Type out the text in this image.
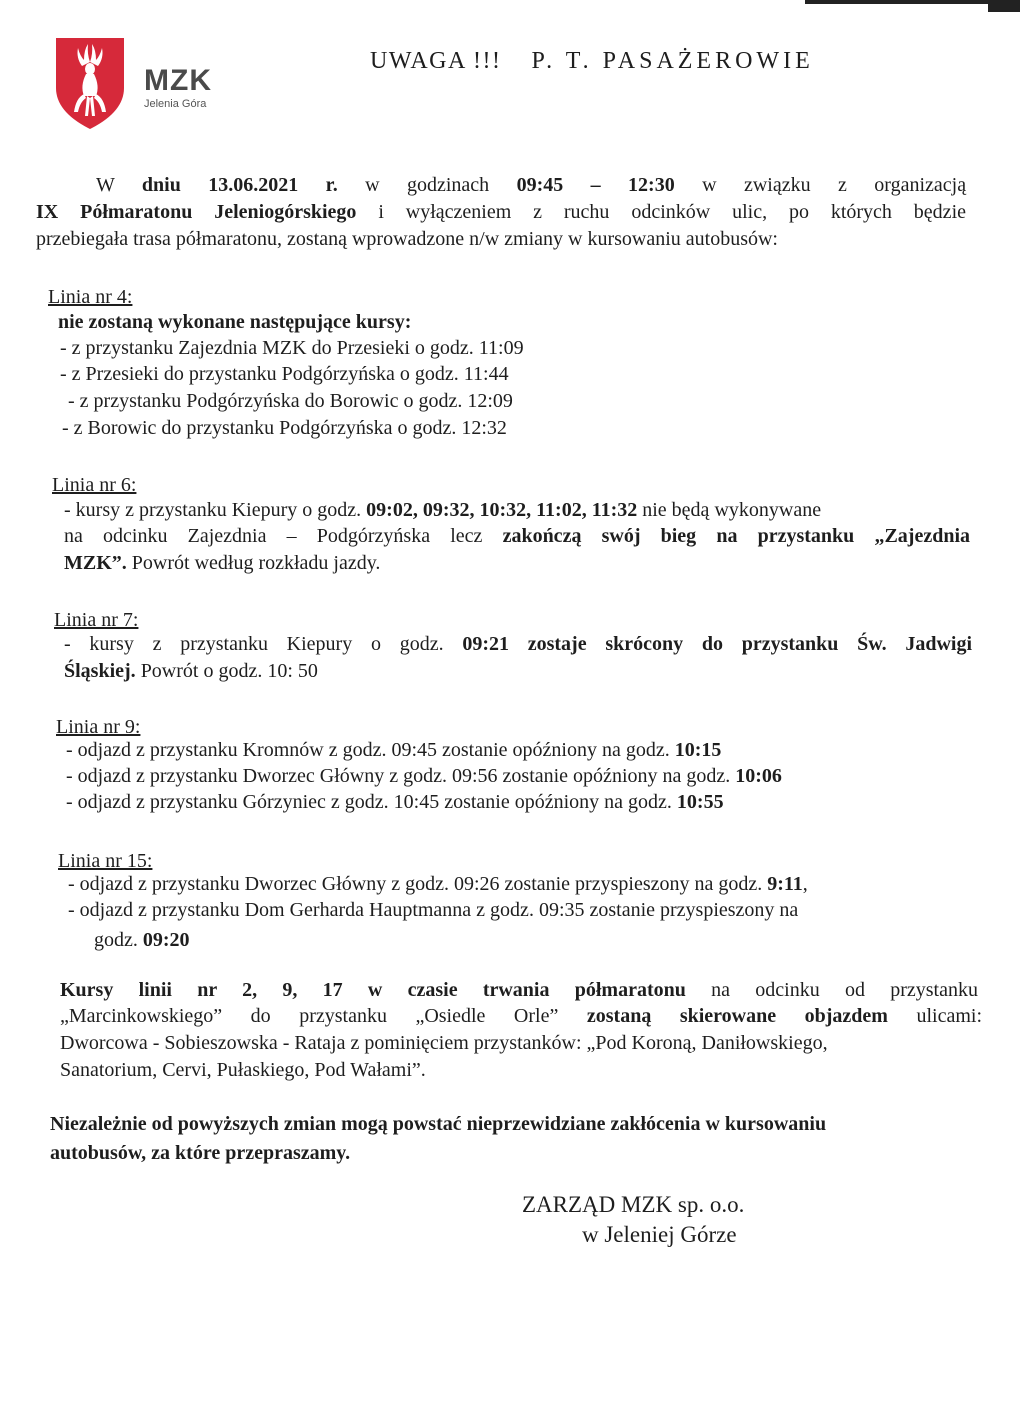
MZK
Jelenia Góra
UWAGA !!! P. T. PASAŻEROWIE
W dniu 13.06.2021 r. w godzinach 09:45 – 12:30 w związku z organizacją
IX Półmaratonu Jeleniogórskiego i wyłączeniem z ruchu odcinków ulic, po których będzie
przebiegała trasa półmaratonu, zostaną wprowadzone n/w zmiany w kursowaniu autobusów:
Linia nr 4:
nie zostaną wykonane następujące kursy:
- z przystanku Zajezdnia MZK do Przesieki o godz. 11:09
- z Przesieki do przystanku Podgórzyńska o godz. 11:44
- z przystanku Podgórzyńska do Borowic o godz. 12:09
- z Borowic do przystanku Podgórzyńska o godz. 12:32
Linia nr 6:
- kursy z przystanku Kiepury o godz. 09:02, 09:32, 10:32, 11:02, 11:32 nie będą wykonywane
na odcinku Zajezdnia – Podgórzyńska lecz zakończą swój bieg na przystanku „Zajezdnia
MZK”. Powrót według rozkładu jazdy.
Linia nr 7:
- kursy z przystanku Kiepury o godz. 09:21 zostaje skrócony do przystanku Św. Jadwigi
Śląskiej. Powrót o godz. 10: 50
Linia nr 9:
- odjazd z przystanku Kromnów z godz. 09:45 zostanie opóźniony na godz. 10:15
- odjazd z przystanku Dworzec Główny z godz. 09:56 zostanie opóźniony na godz. 10:06
- odjazd z przystanku Górzyniec z godz. 10:45 zostanie opóźniony na godz. 10:55
Linia nr 15:
- odjazd z przystanku Dworzec Główny z godz. 09:26 zostanie przyspieszony na godz. 9:11,
- odjazd z przystanku Dom Gerharda Hauptmanna z godz. 09:35 zostanie przyspieszony na
godz. 09:20
Kursy linii nr 2, 9, 17 w czasie trwania półmaratonu na odcinku od przystanku
„Marcinkowskiego” do przystanku „Osiedle Orle” zostaną skierowane objazdem ulicami:
Dworcowa - Sobieszowska - Rataja z pominięciem przystanków: „Pod Koroną, Daniłowskiego,
Sanatorium, Cervi, Pułaskiego, Pod Wałami”.
Niezależnie od powyższych zmian mogą powstać nieprzewidziane zakłócenia w kursowaniu
autobusów, za które przepraszamy.
ZARZĄD MZK sp. o.o.
w Jeleniej Górze
